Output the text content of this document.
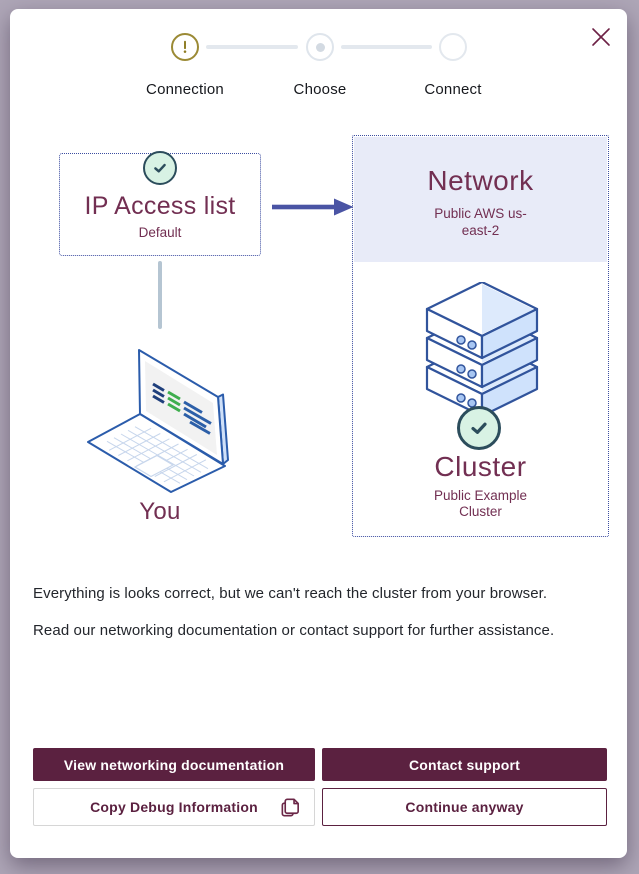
Connection	Choose	Connect
IP Access list
Default
You
Network
Public AWS us-
east-2
Cluster
Public Example
Cluster
Everything is looks correct, but we can't reach the cluster from your browser.
Read our networking documentation or contact support for further assistance.
View networking documentation	Contact support
Copy Debug Information	Continue anyway
